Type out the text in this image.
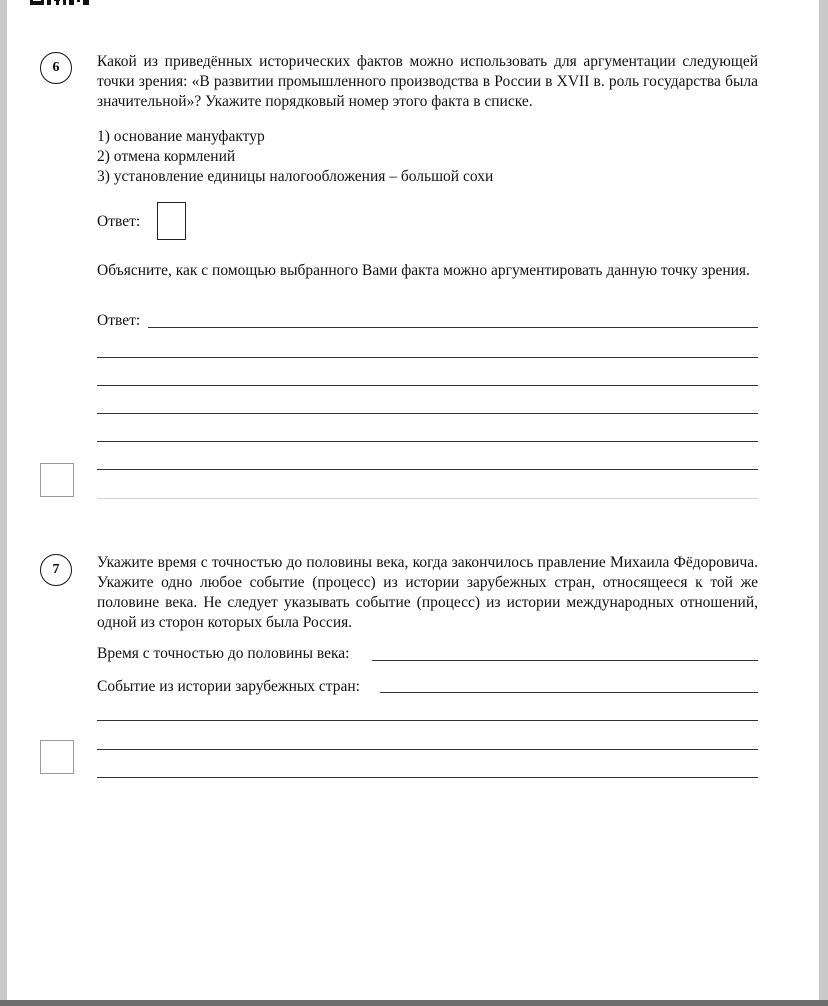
6	Какой из приведённых исторических фактов можно использовать для аргументации следующей точки зрения: «В развитии промышленного производства в России в XVII в. роль государства была значительной»? Укажите порядковый номер этого факта в списке.
1) основание мануфактур
2) отмена кормлений
3) установление единицы налогообложения – большой сохи
Ответ:
Объясните, как с помощью выбранного Вами факта можно аргументировать данную точку зрения.
Ответ:
7	Укажите время с точностью до половины века, когда закончилось правление Михаила Фёдоровича. Укажите одно любое событие (процесс) из истории зарубежных стран, относящееся к той же половине века. Не следует указывать событие (процесс) из истории международных отношений, одной из сторон которых была Россия.
Время с точностью до половины века:
Событие из истории зарубежных стран:
